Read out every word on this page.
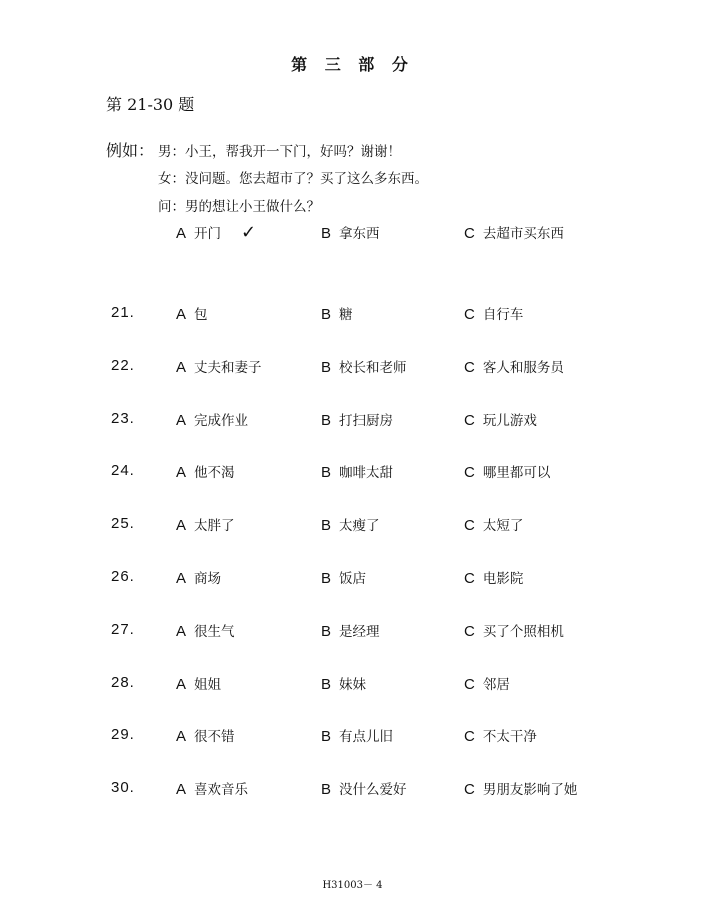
第 三 部 分
第 21-30 题
例如： 男：小王，帮我开一下门，好吗？谢谢！
女：没问题。您去超市了？买了这么多东西。
问：男的想让小王做什么？
A 开门 ✓	B 拿东西	C 去超市买东西
21.	A 包	B 糖	C 自行车
22.	A 丈夫和妻子	B 校长和老师	C 客人和服务员
23.	A 完成作业	B 打扫厨房	C 玩儿游戏
24.	A 他不渴	B 咖啡太甜	C 哪里都可以
25.	A 太胖了	B 太瘦了	C 太短了
26.	A 商场	B 饭店	C 电影院
27.	A 很生气	B 是经理	C 买了个照相机
28.	A 姐姐	B 妹妹	C 邻居
29.	A 很不错	B 有点儿旧	C 不太干净
30.	A 喜欢音乐	B 没什么爱好	C 男朋友影响了她
H31003－ 4
